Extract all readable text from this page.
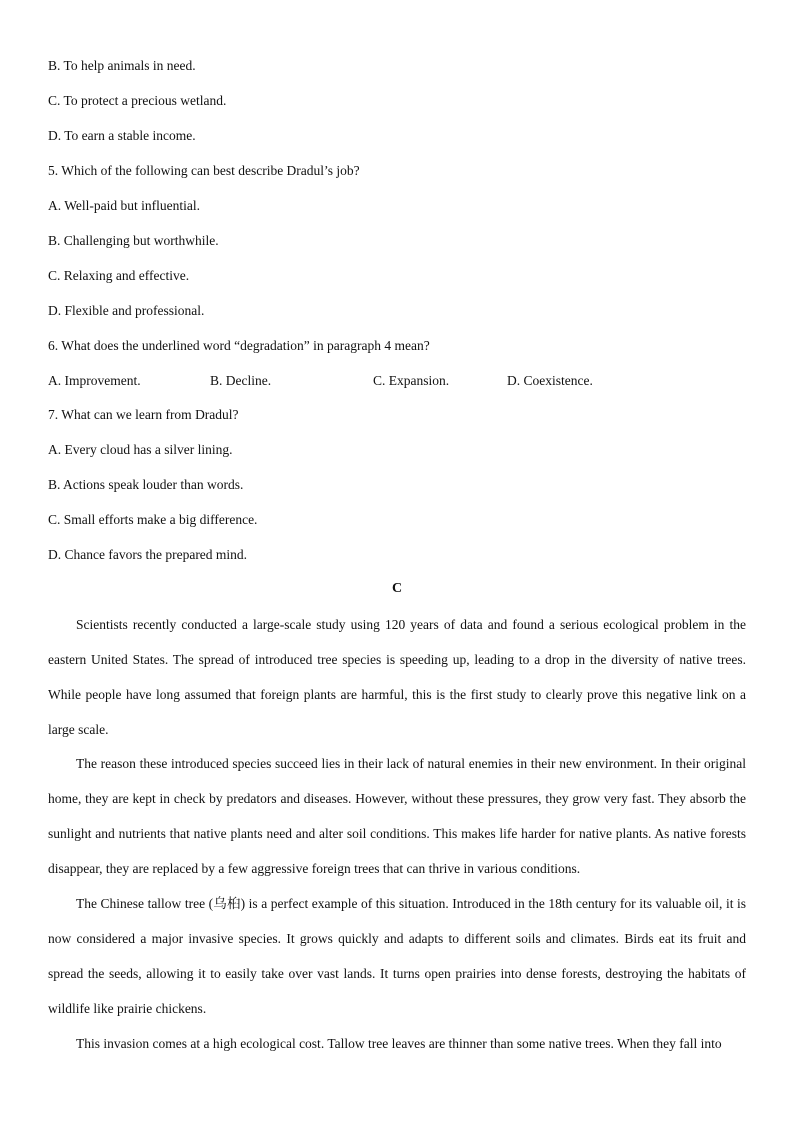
B. To help animals in need.
C. To protect a precious wetland.
D. To earn a stable income.
5. Which of the following can best describe Dradul’s job?
A. Well-paid but influential.
B. Challenging but worthwhile.
C. Relaxing and effective.
D. Flexible and professional.
6. What does the underlined word “degradation” in paragraph 4 mean?
A. Improvement.	B. Decline.	C. Expansion.	D. Coexistence.
7. What can we learn from Dradul?
A. Every cloud has a silver lining.
B. Actions speak louder than words.
C. Small efforts make a big difference.
D. Chance favors the prepared mind.
C

Scientists recently conducted a large-scale study using 120 years of data and found a serious ecological problem in the eastern United States. The spread of introduced tree species is speeding up, leading to a drop in the diversity of native trees. While people have long assumed that foreign plants are harmful, this is the first study to clearly prove this negative link on a large scale.

The reason these introduced species succeed lies in their lack of natural enemies in their new environment. In their original home, they are kept in check by predators and diseases. However, without these pressures, they grow very fast. They absorb the sunlight and nutrients that native plants need and alter soil conditions. This makes life harder for native plants. As native forests disappear, they are replaced by a few aggressive foreign trees that can thrive in various conditions.

The Chinese tallow tree (乌桕) is a perfect example of this situation. Introduced in the 18th century for its valuable oil, it is now considered a major invasive species. It grows quickly and adapts to different soils and climates. Birds eat its fruit and spread the seeds, allowing it to easily take over vast lands. It turns open prairies into dense forests, destroying the habitats of wildlife like prairie chickens.

This invasion comes at a high ecological cost. Tallow tree leaves are thinner than some native trees. When they fall into
